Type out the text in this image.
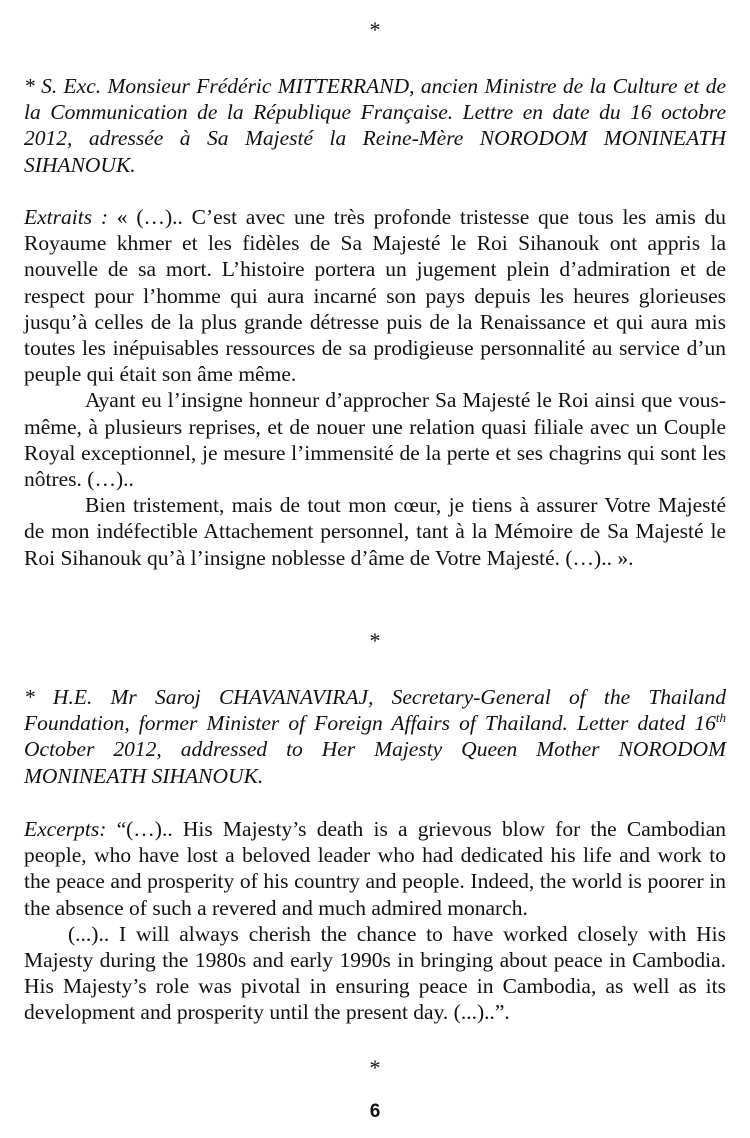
*
* S. Exc. Monsieur Frédéric MITTERRAND, ancien Ministre de la Culture et de la Communication de la République Française. Lettre en date du 16 octobre 2012, adressée à Sa Majesté la Reine-Mère NORODOM MONINEATH SIHANOUK.

Extraits : « (…).. C’est avec une très profonde tristesse que tous les amis du Royaume khmer et les fidèles de Sa Majesté le Roi Sihanouk ont appris la nouvelle de sa mort. L’histoire portera un jugement plein d’admiration et de respect pour l’homme qui aura incarné son pays depuis les heures glorieuses jusqu’à celles de la plus grande détresse puis de la Renaissance et qui aura mis toutes les inépuisables ressources de sa prodigieuse personnalité au service d’un peuple qui était son âme même.

Ayant eu l’insigne honneur d’approcher Sa Majesté le Roi ainsi que vous-même, à plusieurs reprises, et de nouer une relation quasi filiale avec un Couple Royal exceptionnel, je mesure l’immensité de la perte et ses chagrins qui sont les nôtres. (…)..

Bien tristement, mais de tout mon cœur, je tiens à assurer Votre Majesté de mon indéfectible Attachement personnel, tant à la Mémoire de Sa Majesté le Roi Sihanouk qu’à l’insigne noblesse d’âme de Votre Majesté. (…).. ».

*
* H.E. Mr Saroj CHAVANAVIRAJ, Secretary-General of the Thailand Foundation, former Minister of Foreign Affairs of Thailand. Letter dated 16th October 2012, addressed to Her Majesty Queen Mother NORODOM MONINEATH SIHANOUK.

Excerpts: “(…).. His Majesty’s death is a grievous blow for the Cambodian people, who have lost a beloved leader who had dedicated his life and work to the peace and prosperity of his country and people. Indeed, the world is poorer in the absence of such a revered and much admired monarch.

(...).. I will always cherish the chance to have worked closely with His Majesty during the 1980s and early 1990s in bringing about peace in Cambodia. His Majesty’s role was pivotal in ensuring peace in Cambodia, as well as its development and prosperity until the present day. (...)..”.

*
6
